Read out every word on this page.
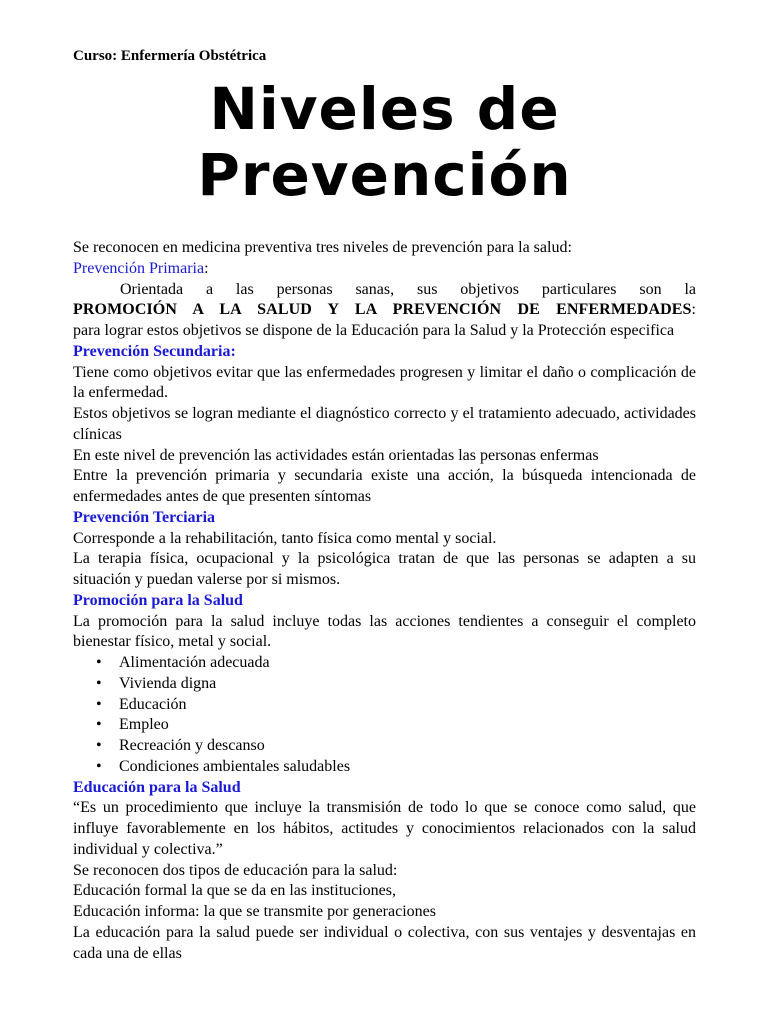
Curso: Enfermería Obstétrica
Niveles de
Prevención

Se reconocen en medicina preventiva tres niveles de prevención para la salud:

Prevención Primaria:

Orientada a las personas sanas, sus objetivos particulares son la

PROMOCIÓN A LA SALUD Y LA PREVENCIÓN DE ENFERMEDADES:

para lograr estos objetivos se dispone de la Educación para la Salud y la Protección especifica

Prevención Secundaria:

Tiene como objetivos evitar que las enfermedades progresen y limitar el daño o complicación de la enfermedad.

Estos objetivos se logran mediante el diagnóstico correcto y el tratamiento adecuado, actividades clínicas

En este nivel de prevención las actividades están orientadas las personas enfermas

Entre la prevención primaria y secundaria existe una acción, la búsqueda intencionada de enfermedades antes de que presenten síntomas

Prevención Terciaria

Corresponde a la rehabilitación, tanto física como mental y social.

La terapia física, ocupacional y la psicológica tratan de que las personas se adapten a su situación y puedan valerse por si mismos.

Promoción para la Salud

La promoción para la salud incluye todas las acciones tendientes a conseguir el completo bienestar físico, metal y social.

• Alimentación adecuada
• Vivienda digna
• Educación
• Empleo
• Recreación y descanso
• Condiciones ambientales saludables

Educación para la Salud

“Es un procedimiento que incluye la transmisión de todo lo que se conoce como salud, que influye favorablemente en los hábitos, actitudes y conocimientos relacionados con la salud individual y colectiva.”

Se reconocen dos tipos de educación para la salud:

Educación formal la que se da en las instituciones,

Educación informa: la que se transmite por generaciones

La educación para la salud puede ser individual o colectiva, con sus ventajes y desventajas en cada una de ellas
